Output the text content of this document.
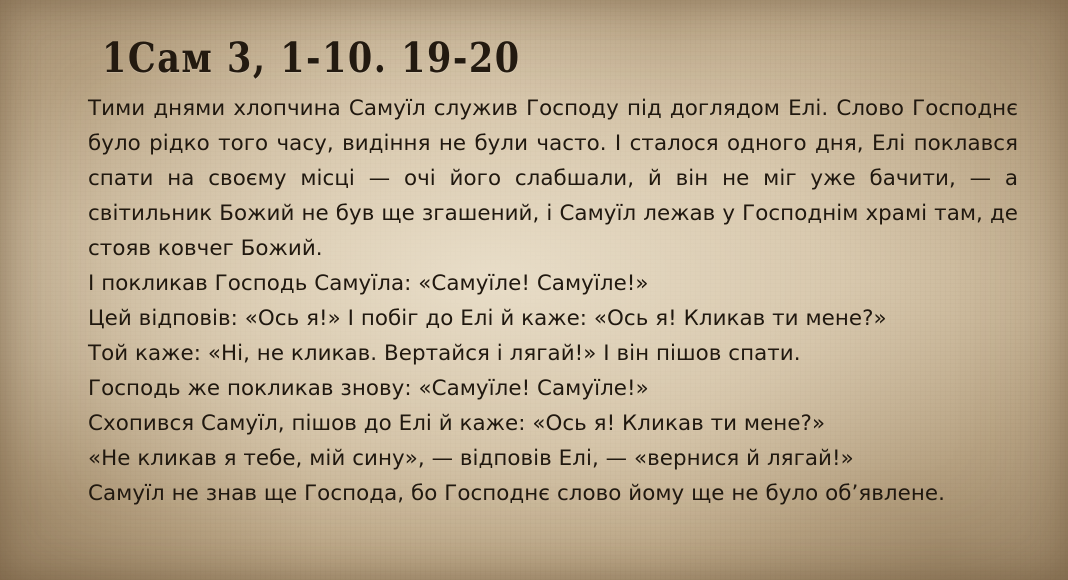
1Сам 3, 1-10. 19-20

Тими днями хлопчина Самуїл служив Господу під доглядом Елі. Слово Господнє було рідко того часу, видіння не були часто. І сталося одного дня, Елі поклався спати на своєму місці — очі його слабшали, й він не міг уже бачити, — а світильник Божий не був ще згашений, і Самуїл лежав у Господнім храмі там, де стояв ковчег Божий.

І покликав Господь Самуїла: «Самуїле! Самуїле!»

Цей відповів: «Ось я!» І побіг до Елі й каже: «Ось я! Кликав ти мене?»

Той каже: «Ні, не кликав. Вертайся і лягай!» І він пішов спати.

Господь же покликав знову: «Самуїле! Самуїле!»

Схопився Самуїл, пішов до Елі й каже: «Ось я! Кликав ти мене?»

«Не кликав я тебе, мій сину», — відповів Елі, — «вернися й лягай!»

Самуїл не знав ще Господа, бо Господнє слово йому ще не було об’явлене.
